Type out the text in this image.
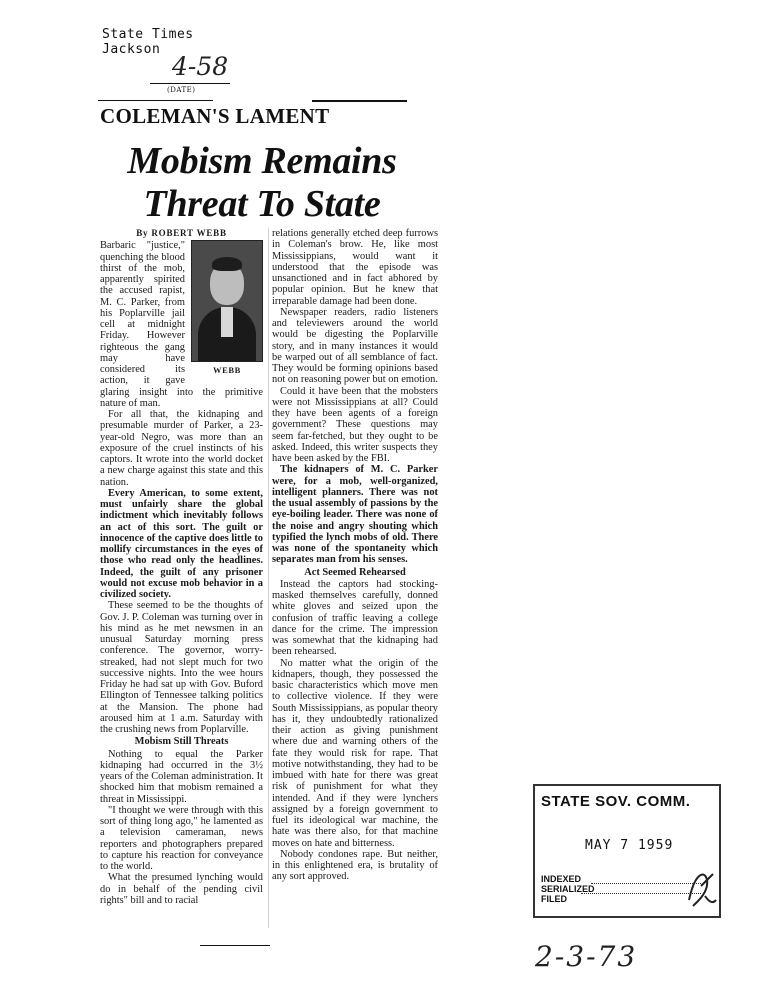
State Times
Jackson
4-58
(DATE)
COLEMAN'S LAMENT
Mobism Remains
Threat To State

By ROBERT WEBB

WEBB

Barbaric "justice," quenching the blood thirst of the mob, apparently spirited the accused rapist, M. C. Parker, from his Poplarville jail cell at midnight Friday. However righteous the gang may have considered its action, it gave glaring insight into the primitive nature of man.

For all that, the kidnaping and presumable murder of Parker, a 23-year-old Negro, was more than an exposure of the cruel instincts of his captors. It wrote into the world docket a new charge against this state and this nation.

Every American, to some extent, must unfairly share the global indictment which inevitably follows an act of this sort. The guilt or innocence of the captive does little to mollify circumstances in the eyes of those who read only the headlines. Indeed, the guilt of any prisoner would not excuse mob behavior in a civilized society.

These seemed to be the thoughts of Gov. J. P. Coleman was turning over in his mind as he met newsmen in an unusual Saturday morning press conference. The governor, worry-streaked, had not slept much for two successive nights. Into the wee hours Friday he had sat up with Gov. Buford Ellington of Tennessee talking politics at the Mansion. The phone had aroused him at 1 a.m. Saturday with the crushing news from Poplarville.

Mobism Still Threats

Nothing to equal the Parker kidnaping had occurred in the 3½ years of the Coleman administration. It shocked him that mobism remained a threat in Mississippi.

"I thought we were through with this sort of thing long ago," he lamented as a television cameraman, news reporters and photographers prepared to capture his reaction for conveyance to the world.

What the presumed lynching would do in behalf of the pending civil rights" bill and to racial

relations generally etched deep furrows in Coleman's brow. He, like most Mississippians, would want it understood that the episode was unsanctioned and in fact abhored by popular opinion. But he knew that irreparable damage had been done.

Newspaper readers, radio listeners and televiewers around the world would be digesting the Poplarville story, and in many instances it would be warped out of all semblance of fact. They would be forming opinions based not on reasoning power but on emotion.

Could it have been that the mobsters were not Mississippians at all? Could they have been agents of a foreign government? These questions may seem far-fetched, but they ought to be asked. Indeed, this writer suspects they have been asked by the FBI.

The kidnapers of M. C. Parker were, for a mob, well-organized, intelligent planners. There was not the usual assembly of passions by the eye-boiling leader. There was none of the noise and angry shouting which typified the lynch mobs of old. There was none of the spontaneity which separates man from his senses.

Act Seemed Rehearsed

Instead the captors had stocking-masked themselves carefully, donned white gloves and seized upon the confusion of traffic leaving a college dance for the crime. The impression was somewhat that the kidnaping had been rehearsed.

No matter what the origin of the kidnapers, though, they possessed the basic characteristics which move men to collective violence. If they were South Mississippians, as popular theory has it, they undoubtedly rationalized their action as giving punishment where due and warning others of the fate they would risk for rape. That motive notwithstanding, they had to be imbued with hate for there was great risk of punishment for what they intended. And if they were lynchers assigned by a foreign government to fuel its ideological war machine, the hate was there also, for that machine moves on hate and bitterness.

Nobody condones rape. But neither, in this enlightened era, is brutality of any sort approved.

STATE SOV. COMM.
MAY 7 1959
INDEXED
SERIALIZED
FILED
2-3-73
